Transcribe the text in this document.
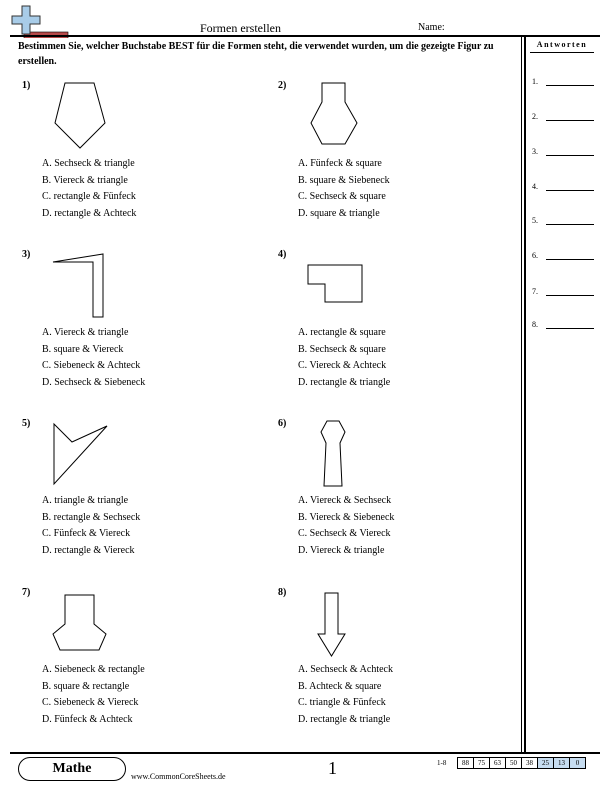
Formen erstellen	Name:
Bestimmen Sie, welcher Buchstabe BEST für die Formen steht, die verwendet wurden, um die gezeigte Figur zu erstellen.
Antworten
1.
2.
3.
4.
5.
6.
7.
8.
1)
A. Sechseck & triangle
B. Viereck & triangle
C. rectangle & Fünfeck
D. rectangle & Achteck
2)
A. Fünfeck & square
B. square & Siebeneck
C. Sechseck & square
D. square & triangle
3)
A. Viereck & triangle
B. square & Viereck
C. Siebeneck & Achteck
D. Sechseck & Siebeneck
4)
A. rectangle & square
B. Sechseck & square
C. Viereck & Achteck
D. rectangle & triangle
5)
A. triangle & triangle
B. rectangle & Sechseck
C. Fünfeck & Viereck
D. rectangle & Viereck
6)
A. Viereck & Sechseck
B. Viereck & Siebeneck
C. Sechseck & Viereck
D. Viereck & triangle
7)
A. Siebeneck & rectangle
B. square & rectangle
C. Siebeneck & Viereck
D. Fünfeck & Achteck
8)
A. Sechseck & Achteck
B. Achteck & square
C. triangle & Fünfeck
D. rectangle & triangle
Mathe
www.CommonCoreSheets.de	1	1-8 88	75	63	50	38	25	13	0
